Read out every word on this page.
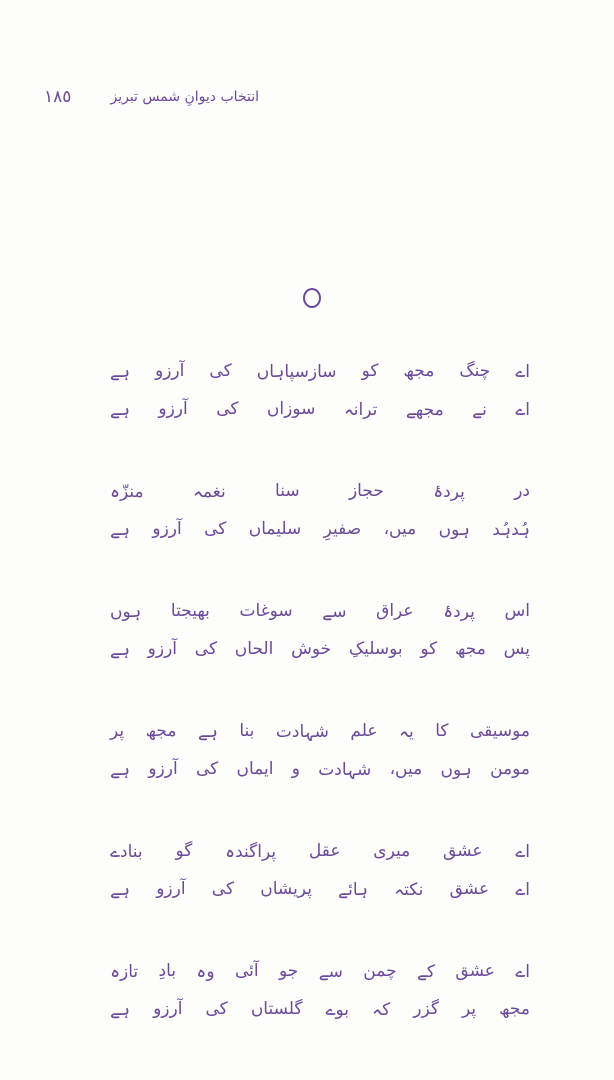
١٨٥	انتخاب دیوانِ شمس تبریز
اے
چنگ
مجھ
کو
سازسپاہاں
کی
آرزو
ہے
اے
نے
مجھے
ترانہ
سوزاں
کی
آرزو
ہے
در
پردۂ
حجاز
سنا
نغمہ
منزّہ
ہُدہُد
ہوں
میں،
صفیرِ
سلیماں
کی
آرزو
ہے
اس
پردۂ
عراق
سے
سوغات
بھیجتا
ہوں
پس
مجھ
کو
بوسلیکِ
خوش
الحاں
کی
آرزو
ہے
موسیقی
کا
یہ
علم
شہادت
بنا
ہے
مجھ
پر
مومن
ہوں
میں،
شہادت
و
ایماں
کی
آرزو
ہے
اے
عشق
میری
عقل
پراگندہ
گو
بنادے
اے
عشق
نکتہ
ہائے
پریشاں
کی
آرزو
ہے
اے
عشق
کے
چمن
سے
جو
آئی
وہ
بادِ
تازہ
مجھ
پر
گزر
کہ
بوے
گلستاں
کی
آرزو
ہے
